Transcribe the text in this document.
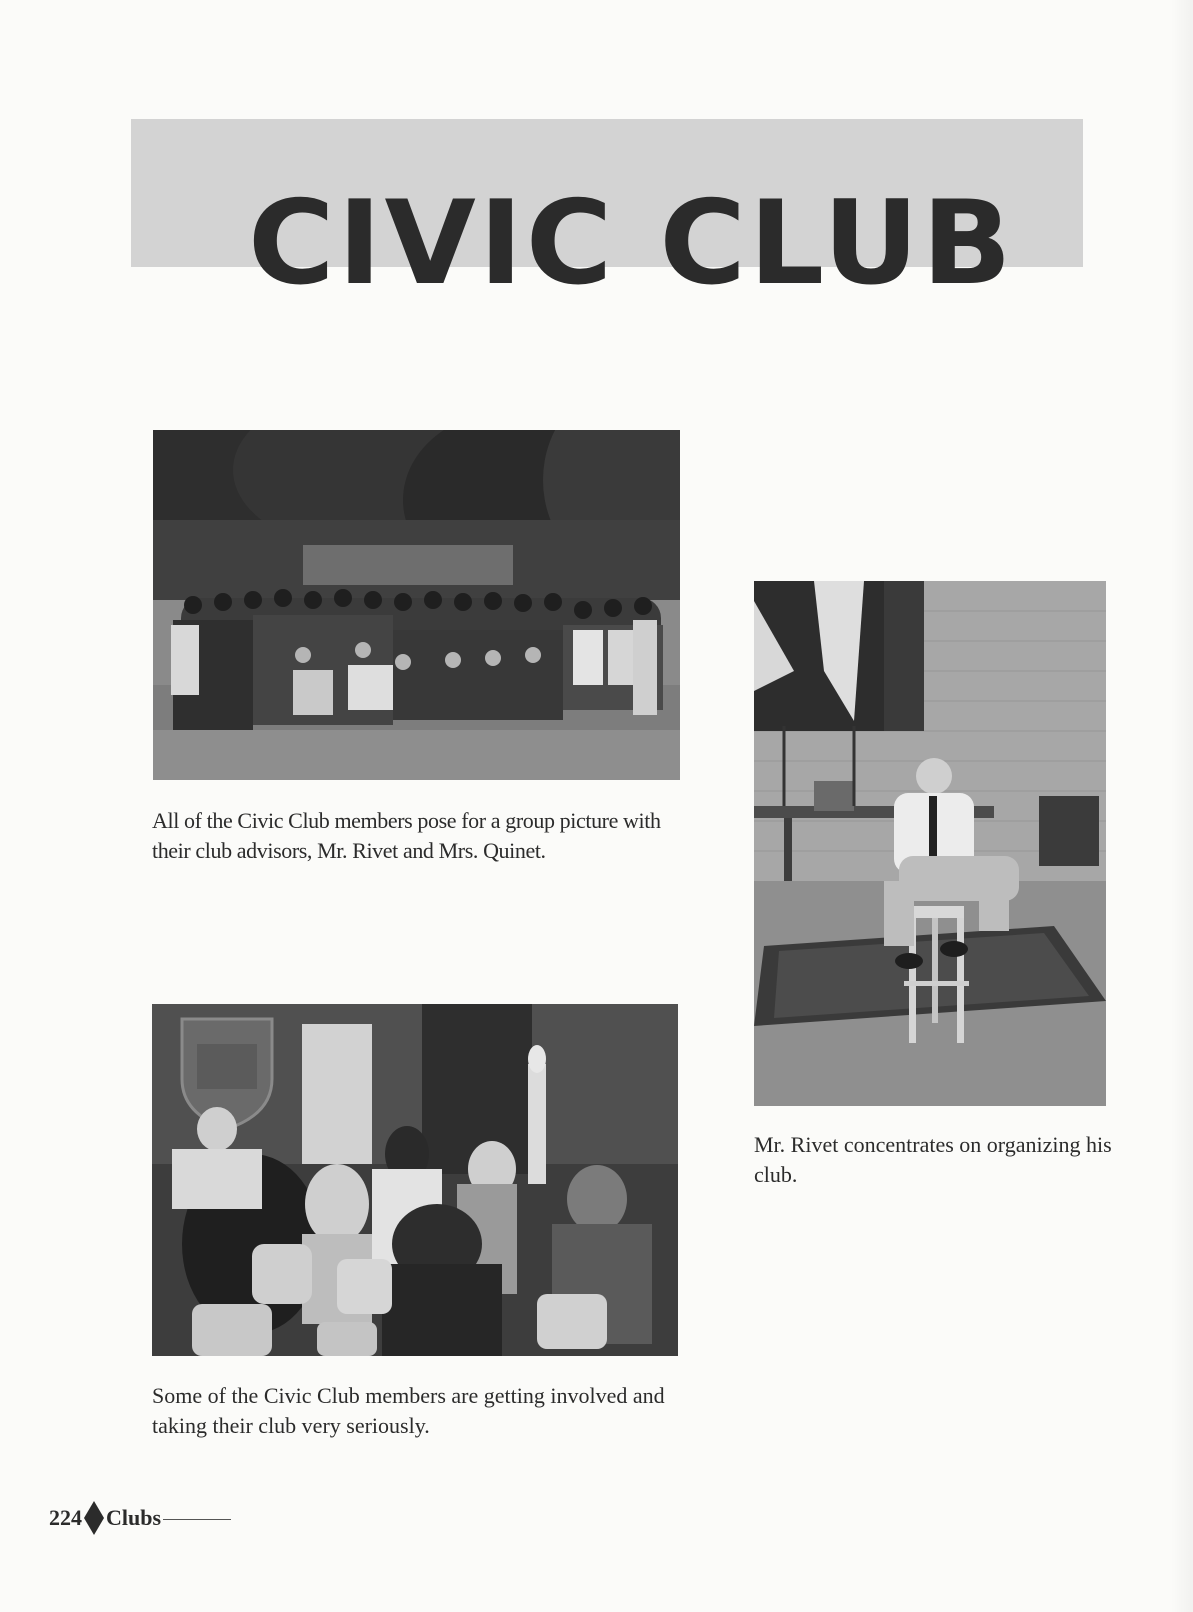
CIVIC CLUB

All of the Civic Club members pose for a group picture with their club advisors, Mr. Rivet and Mrs. Quinet.

Mr. Rivet concentrates on organizing his club.

Some of the Civic Club members are getting involved and taking their club very seriously.

224 Clubs
